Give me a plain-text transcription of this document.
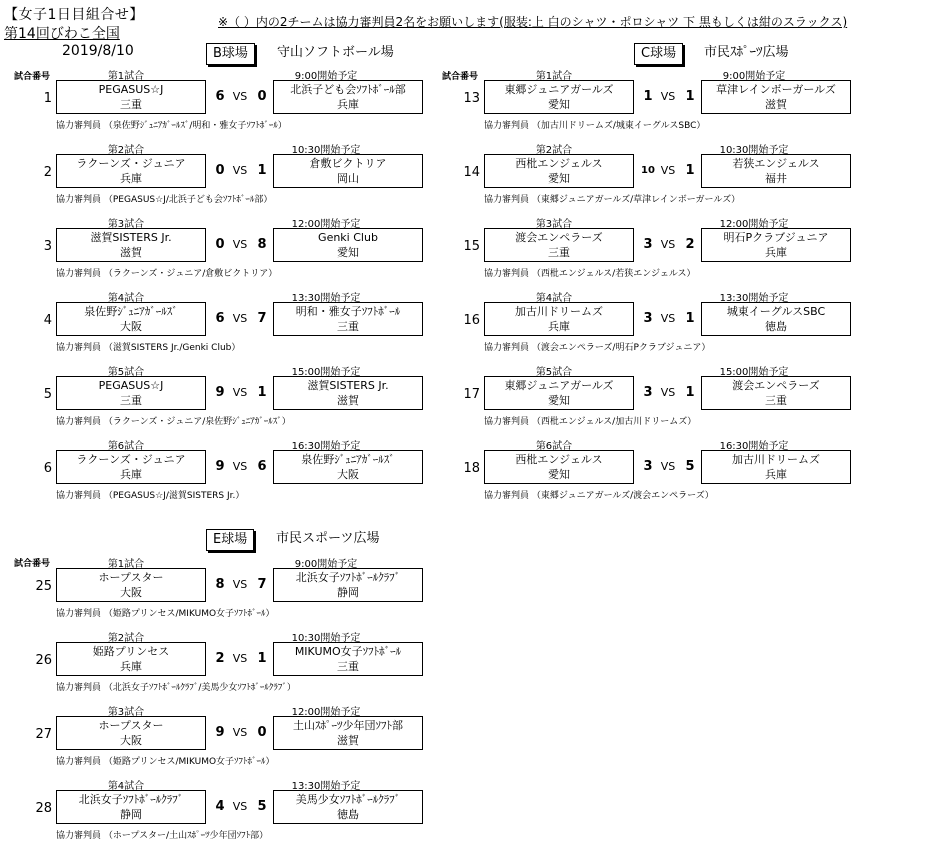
【女子1日目組合せ】
第14回びわこ全国
2019/8/10
※（ ）内の2チームは協力審判員2名をお願いします(服装:上 白のシャツ・ポロシャツ 下 黒もしくは紺のスラックス)
B球場	守山ソフトボール場
試合番号	第1試合	9:00開始予定
1
PEGASUS☆J
三重
6 VS 0	北浜子ども会ｿﾌﾄﾎﾞｰﾙ部
兵庫
協力審判員 （泉佐野ｼﾞｭﾆｱｶﾞｰﾙｽﾞ/明和・雅女子ｿﾌﾄﾎﾞｰﾙ）
第2試合	10:30開始予定
2
ラクーンズ・ジュニア
兵庫
0 VS 1	倉敷ビクトリア
岡山
協力審判員 （PEGASUS☆J/北浜子ども会ｿﾌﾄﾎﾞｰﾙ部）
第3試合	12:00開始予定
3
滋賀SISTERS Jr.
滋賀
0 VS 8	Genki Club
愛知
協力審判員 （ラクーンズ・ジュニア/倉敷ビクトリア）
第4試合	13:30開始予定
4
泉佐野ｼﾞｭﾆｱｶﾞｰﾙｽﾞ
大阪
6 VS 7	明和・雅女子ｿﾌﾄﾎﾞｰﾙ
三重
協力審判員 （滋賀SISTERS Jr./Genki Club）
第5試合	15:00開始予定
5
PEGASUS☆J
三重
9 VS 1	滋賀SISTERS Jr.
滋賀
協力審判員 （ラクーンズ・ジュニア/泉佐野ｼﾞｭﾆｱｶﾞｰﾙｽﾞ）
第6試合	16:30開始予定
6
ラクーンズ・ジュニア
兵庫
9 VS 6	泉佐野ｼﾞｭﾆｱｶﾞｰﾙｽﾞ
大阪
協力審判員 （PEGASUS☆J/滋賀SISTERS Jr.）
C球場	市民ｽﾎﾟｰﾂ広場
試合番号	第1試合	9:00開始予定
13
東郷ジュニアガールズ
愛知
1 VS 1	草津レインボーガールズ
滋賀
協力審判員 （加古川ドリームズ/城東イーグルスSBC）
第2試合	10:30開始予定
14
西枇エンジェルス
愛知
10 VS 1	若狭エンジェルス
福井
協力審判員 （東郷ジュニアガールズ/草津レインボーガールズ）
第3試合	12:00開始予定
15
渡会エンペラーズ
三重
3 VS 2	明石Pクラブジュニア
兵庫
協力審判員 （西枇エンジェルス/若狭エンジェルス）
第4試合	13:30開始予定
16
加古川ドリームズ
兵庫
3 VS 1	城東イーグルスSBC
徳島
協力審判員 （渡会エンペラーズ/明石Pクラブジュニア）
第5試合	15:00開始予定
17
東郷ジュニアガールズ
愛知
3 VS 1	渡会エンペラーズ
三重
協力審判員 （西枇エンジェルス/加古川ドリームズ）
第6試合	16:30開始予定
18
西枇エンジェルス
愛知
3 VS 5	加古川ドリームズ
兵庫
協力審判員 （東郷ジュニアガールズ/渡会エンペラーズ）
E球場	市民スポーツ広場
試合番号	第1試合	9:00開始予定
25
ホープスター
大阪
8 VS 7	北浜女子ｿﾌﾄﾎﾞｰﾙｸﾗﾌﾞ
静岡
協力審判員 （姫路プリンセス/MIKUMO女子ｿﾌﾄﾎﾞｰﾙ）
第2試合	10:30開始予定
26
姫路プリンセス
兵庫
2 VS 1	MIKUMO女子ｿﾌﾄﾎﾞｰﾙ
三重
協力審判員 （北浜女子ｿﾌﾄﾎﾞｰﾙｸﾗﾌﾞ/美馬少女ｿﾌﾄﾎﾞｰﾙｸﾗﾌﾞ）
第3試合	12:00開始予定
27
ホープスター
大阪
9 VS 0	土山ｽﾎﾟｰﾂ少年団ｿﾌﾄ部
滋賀
協力審判員 （姫路プリンセス/MIKUMO女子ｿﾌﾄﾎﾞｰﾙ）
第4試合	13:30開始予定
28
北浜女子ｿﾌﾄﾎﾞｰﾙｸﾗﾌﾞ
静岡
4 VS 5	美馬少女ｿﾌﾄﾎﾞｰﾙｸﾗﾌﾞ
徳島
協力審判員 （ホープスター/土山ｽﾎﾟｰﾂ少年団ｿﾌﾄ部）
